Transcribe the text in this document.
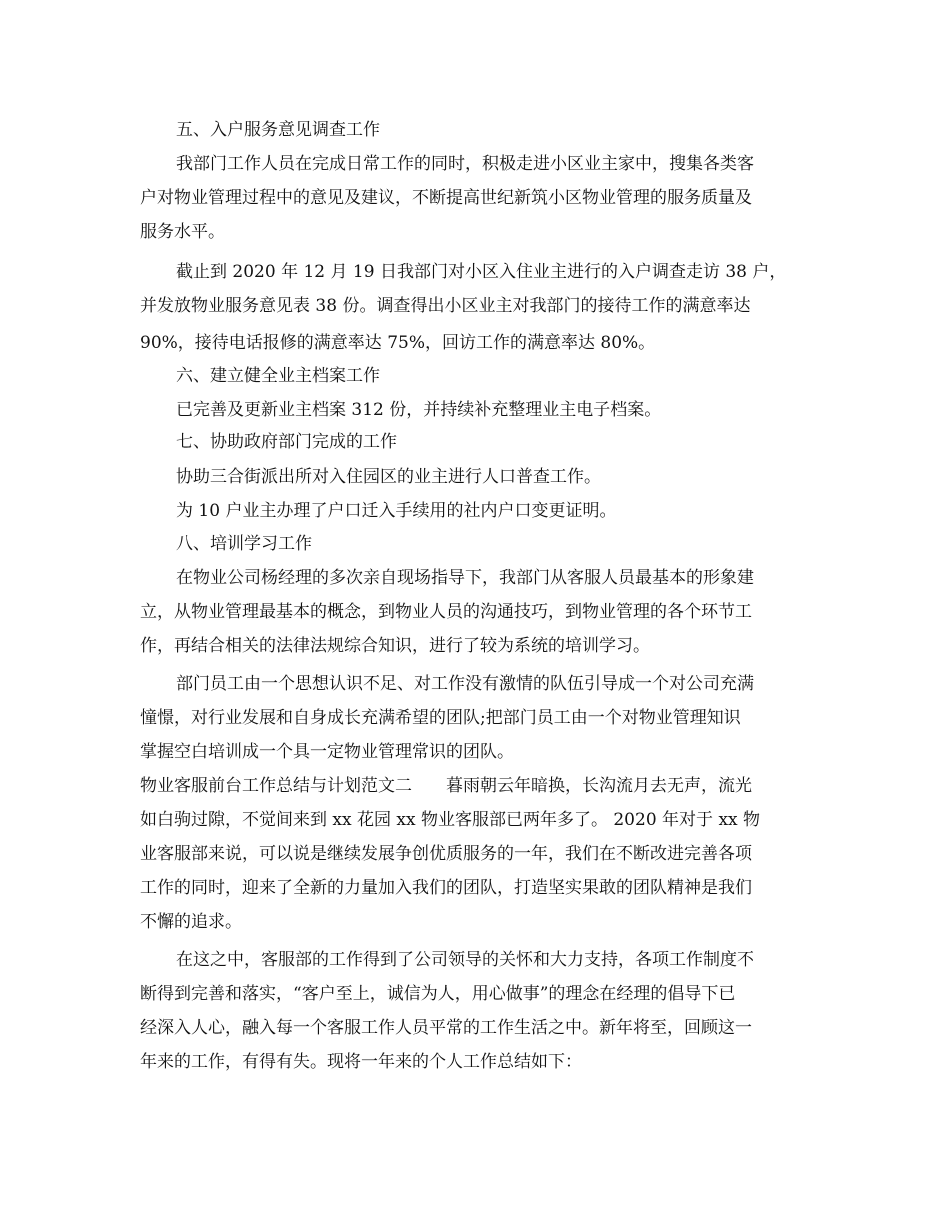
五、入户服务意见调查工作

我部门工作人员在完成日常工作的同时，积极走进小区业主家中，搜集各类客

户对物业管理过程中的意见及建议，不断提高世纪新筑小区物业管理的服务质量及

服务水平。

截止到 2020 年 12 月 19 日我部门对小区入住业主进行的入户调查走访 38 户，

并发放物业服务意见表 38 份。调查得出小区业主对我部门的接待工作的满意率达

90%，接待电话报修的满意率达 75%，回访工作的满意率达 80%。

六、建立健全业主档案工作

已完善及更新业主档案 312 份，并持续补充整理业主电子档案。

七、协助政府部门完成的工作

协助三合街派出所对入住园区的业主进行人口普查工作。

为 10 户业主办理了户口迁入手续用的社内户口变更证明。

八、培训学习工作

在物业公司杨经理的多次亲自现场指导下，我部门从客服人员最基本的形象建

立，从物业管理最基本的概念，到物业人员的沟通技巧，到物业管理的各个环节工

作，再结合相关的法律法规综合知识，进行了较为系统的培训学习。

部门员工由一个思想认识不足、对工作没有激情的队伍引导成一个对公司充满

憧憬，对行业发展和自身成长充满希望的团队;把部门员工由一个对物业管理知识

掌握空白培训成一个具一定物业管理常识的团队。

物业客服前台工作总结与计划范文二　　暮雨朝云年暗换，长沟流月去无声，流光

如白驹过隙，不觉间来到 xx 花园 xx 物业客服部已两年多了。 2020 年对于 xx 物

业客服部来说，可以说是继续发展争创优质服务的一年，我们在不断改进完善各项

工作的同时，迎来了全新的力量加入我们的团队，打造坚实果敢的团队精神是我们

不懈的追求。

在这之中，客服部的工作得到了公司领导的关怀和大力支持，各项工作制度不

断得到完善和落实，“客户至上，诚信为人，用心做事”的理念在经理的倡导下已

经深入人心，融入每一个客服工作人员平常的工作生活之中。新年将至，回顾这一

年来的工作，有得有失。现将一年来的个人工作总结如下：
